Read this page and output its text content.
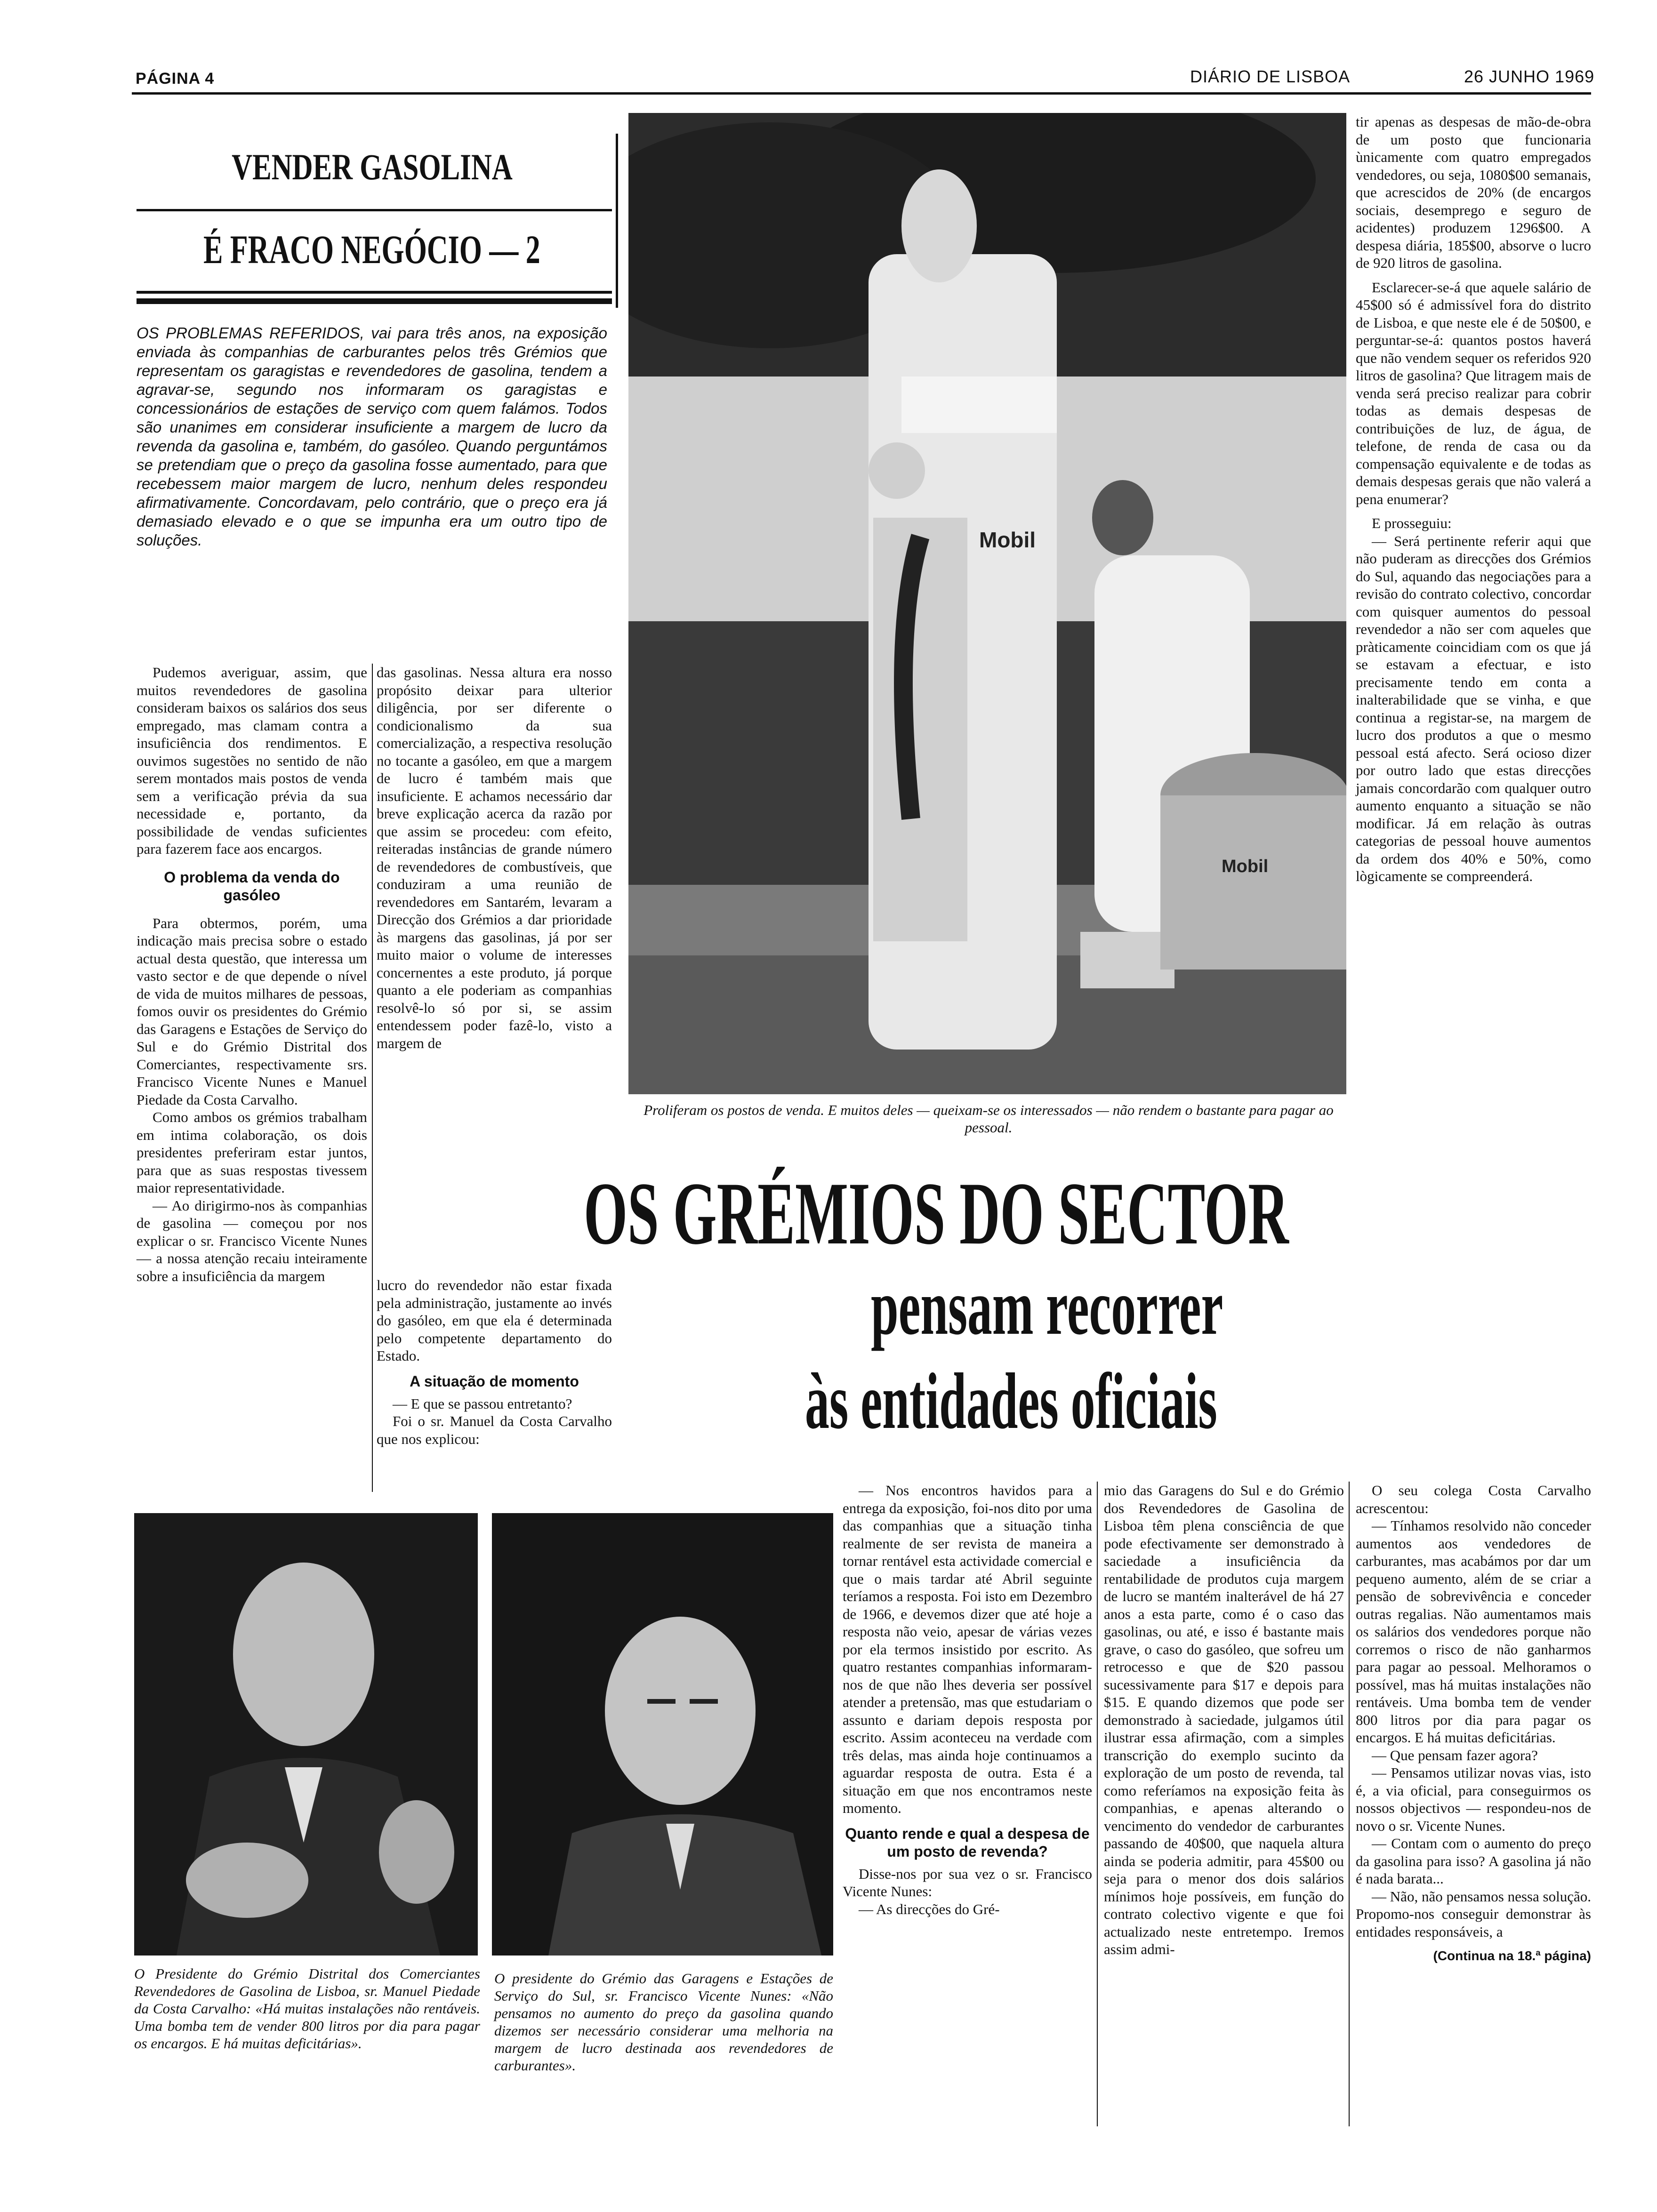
PÁGINA 4	DIÁRIO DE LISBOA	26 JUNHO 1969
VENDER GASOLINA
É FRACO NEGÓCIO — 2
OS PROBLEMAS REFERIDOS, vai para três anos, na exposição enviada às companhias de carburantes pelos três Grémios que representam os garagistas e revendedores de gasolina, tendem a agravar-se, segundo nos informaram os garagistas e concessionários de estações de serviço com quem falámos. Todos são unanimes em considerar insuficiente a margem de lucro da revenda da gasolina e, também, do gasóleo. Quando perguntámos se pretendiam que o preço da gasolina fosse aumentado, para que recebessem maior margem de lucro, nenhum deles respondeu afirmativamente. Concordavam, pelo contrário, que o preço era já demasiado elevado e o que se impunha era um outro tipo de soluções.

Pudemos averiguar, assim, que muitos revendedores de gasolina consideram baixos os salários dos seus empregado, mas clamam contra a insuficiência dos rendimentos. E ouvimos sugestões no sentido de não serem montados mais postos de venda sem a verificação prévia da sua necessidade e, portanto, da possibilidade de vendas suficientes para fazerem face aos encargos.

O problema da venda do gasóleo

Para obtermos, porém, uma indicação mais precisa sobre o estado actual desta questão, que interessa um vasto sector e de que depende o nível de vida de muitos milhares de pessoas, fomos ouvir os presidentes do Grémio das Garagens e Estações de Serviço do Sul e do Grémio Distrital dos Comerciantes, respectivamente srs. Francisco Vicente Nunes e Manuel Piedade da Costa Carvalho.

Como ambos os grémios trabalham em intima colaboração, os dois presidentes preferiram estar juntos, para que as suas respostas tivessem maior representatividade.

— Ao dirigirmo-nos às companhias de gasolina — começou por nos explicar o sr. Francisco Vicente Nunes — a nossa atenção recaiu inteiramente sobre a insuficiência da margem

das gasolinas. Nessa altura era nosso propósito deixar para ulterior diligência, por ser diferente o condicionalismo da sua comercialização, a respectiva resolução no tocante a gasóleo, em que a margem de lucro é também mais que insuficiente. E achamos necessário dar breve explicação acerca da razão por que assim se procedeu: com efeito, reiteradas instâncias de grande número de revendedores de combustíveis, que conduziram a uma reunião de revendedores em Santarém, levaram a Direcção dos Grémios a dar prioridade às margens das gasolinas, já por ser muito maior o volume de interesses concernentes a este produto, já porque quanto a ele poderiam as companhias resolvê-lo só por si, se assim entendessem poder fazê-lo, visto a margem de

lucro do revendedor não estar fixada pela administração, justamente ao invés do gasóleo, em que ela é determinada pelo competente departamento do Estado.

A situação de momento

— E que se passou entretanto?

Foi o sr. Manuel da Costa Carvalho que nos explicou:

Mobil
Mobil
Proliferam os postos de venda. E muitos deles — queixam-se os interessados — não rendem o bastante para pagar ao pessoal.

tir apenas as despesas de mão-de-obra de um posto que funcionaria ùnicamente com quatro empregados vendedores, ou seja, 1080$00 semanais, que acrescidos de 20% (de encargos sociais, desemprego e seguro de acidentes) produzem 1296$00. A despesa diária, 185$00, absorve o lucro de 920 litros de gasolina.

Esclarecer-se-á que aquele salário de 45$00 só é admissível fora do distrito de Lisboa, e que neste ele é de 50$00, e perguntar-se-á: quantos postos haverá que não vendem sequer os referidos 920 litros de gasolina? Que litragem mais de venda será preciso realizar para cobrir todas as demais despesas de contribuições de luz, de água, de telefone, de renda de casa ou da compensação equivalente e de todas as demais despesas gerais que não valerá a pena enumerar?

E prosseguiu:

— Será pertinente referir aqui que não puderam as direcções dos Grémios do Sul, aquando das negociações para a revisão do contrato colectivo, concordar com quisquer aumentos do pessoal revendedor a não ser com aqueles que pràticamente coincidiam com os que já se estavam a efectuar, e isto precisamente tendo em conta a inalterabilidade que se vinha, e que continua a registar-se, na margem de lucro dos produtos a que o mesmo pessoal está afecto. Será ocioso dizer por outro lado que estas direcções jamais concordarão com qualquer outro aumento enquanto a situação se não modificar. Já em relação às outras categorias de pessoal houve aumentos da ordem dos 40% e 50%, como lògicamente se compreenderá.

OS GRÉMIOS DO SECTOR
pensam recorrer
às entidades oficiais

— Nos encontros havidos para a entrega da exposição, foi-nos dito por uma das companhias que a situação tinha realmente de ser revista de maneira a tornar rentável esta actividade comercial e que o mais tardar até Abril seguinte teríamos a resposta. Foi isto em Dezembro de 1966, e devemos dizer que até hoje a resposta não veio, apesar de várias vezes por ela termos insistido por escrito. As quatro restantes companhias informaram-nos de que não lhes deveria ser possível atender a pretensão, mas que estudariam o assunto e dariam depois resposta por escrito. Assim aconteceu na verdade com três delas, mas ainda hoje continuamos a aguardar resposta de outra. Esta é a situação em que nos encontramos neste momento.

Quanto rende e qual a despesa de um posto de revenda?

Disse-nos por sua vez o sr. Francisco Vicente Nunes:

— As direcções do Gré-

mio das Garagens do Sul e do Grémio dos Revendedores de Gasolina de Lisboa têm plena consciência de que pode efectivamente ser demonstrado à saciedade a insuficiência da rentabilidade de produtos cuja margem de lucro se mantém inalterável de há 27 anos a esta parte, como é o caso das gasolinas, ou até, e isso é bastante mais grave, o caso do gasóleo, que sofreu um retrocesso e que de $20 passou sucessivamente para $17 e depois para $15. E quando dizemos que pode ser demonstrado à saciedade, julgamos útil ilustrar essa afirmação, com a simples transcrição do exemplo sucinto da exploração de um posto de revenda, tal como referíamos na exposição feita às companhias, e apenas alterando o vencimento do vendedor de carburantes passando de 40$00, que naquela altura ainda se poderia admitir, para 45$00 ou seja para o menor dos dois salários mínimos hoje possíveis, em função do contrato colectivo vigente e que foi actualizado neste entretempo. Iremos assim admi-

O seu colega Costa Carvalho acrescentou:

— Tínhamos resolvido não conceder aumentos aos vendedores de carburantes, mas acabámos por dar um pequeno aumento, além de se criar a pensão de sobrevivência e conceder outras regalias. Não aumentamos mais os salários dos vendedores porque não corremos o risco de não ganharmos para pagar ao pessoal. Melhoramos o possível, mas há muitas instalações não rentáveis. Uma bomba tem de vender 800 litros por dia para pagar os encargos. E há muitas deficitárias.

— Que pensam fazer agora?

— Pensamos utilizar novas vias, isto é, a via oficial, para conseguirmos os nossos objectivos — respondeu-nos de novo o sr. Vicente Nunes.

— Contam com o aumento do preço da gasolina para isso? A gasolina já não é nada barata...

— Não, não pensamos nessa solução. Propomo-nos conseguir demonstrar às entidades responsáveis, a

(Continua na 18.ª página)
O Presidente do Grémio Distrital dos Comerciantes Revendedores de Gasolina de Lisboa, sr. Manuel Piedade da Costa Carvalho: «Há muitas instalações não rentáveis. Uma bomba tem de vender 800 litros por dia para pagar os encargos. E há muitas deficitárias».
O presidente do Grémio das Garagens e Estações de Serviço do Sul, sr. Francisco Vicente Nunes: «Não pensamos no aumento do preço da gasolina quando dizemos ser necessário considerar uma melhoria na margem de lucro destinada aos revendedores de carburantes».
